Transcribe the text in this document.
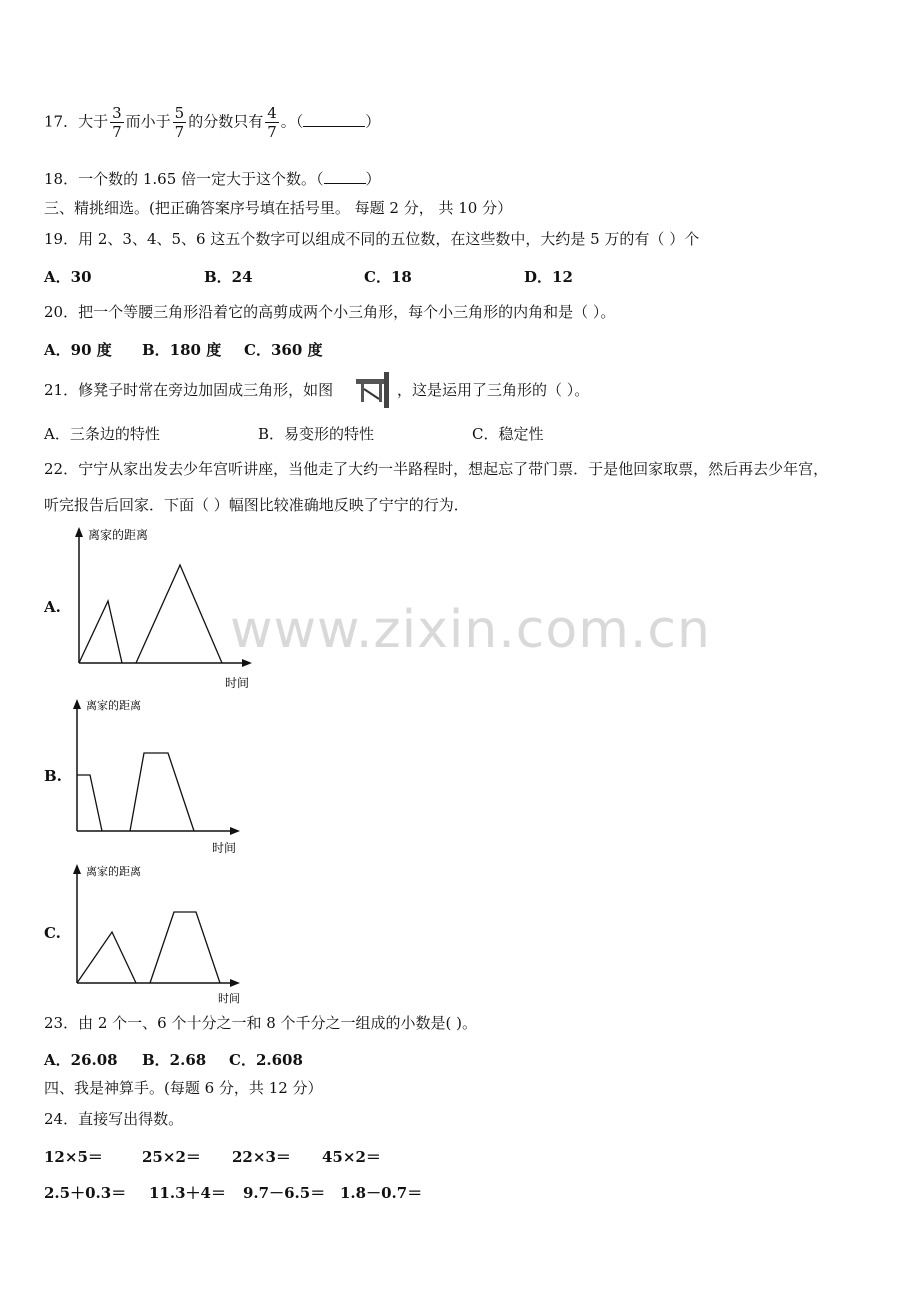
17．大于 $\frac{3}{7}$ 而小于 $\frac{5}{7}$ 的分数只有 $\frac{4}{7}$ 。（	）
18．一个数的 1.65 倍一定大于这个数。（	）
三、精挑细选。(把正确答案序号填在括号里。 每题 2 分， 共 10 分）
19．用 2、3、4、5、6 这五个数字可以组成不同的五位数，在这些数中，大约是 5 万的有（ ）个
A．30	B．24	C．18	D．12
20．把一个等腰三角形沿着它的高剪成两个小三角形，每个小三角形的内角和是（ ）。
A．90 度 B．180 度 C．360 度
21．修凳子时常在旁边加固成三角形，如图	，这是运用了三角形的（ ）。
A．三条边的特性	B．易变形的特性	C．稳定性
22．宁宁从家出发去少年宫听讲座，当他走了大约一半路程时，想起忘了带门票．于是他回家取票，然后再去少年宫，
听完报告后回家．下面（ ）幅图比较准确地反映了宁宁的行为．
A.
离家的距离
时间
B.
离家的距离
时间
C.
离家的距离
时间
www.zixin.com.cn
23．由 2 个一、6 个十分之一和 8 个千分之一组成的小数是( )。
A．26.08 B．2.68 C．2.608
四、我是神算手。(每题 6 分，共 12 分）
24．直接写出得数。
12×5＝	25×2＝ 22×3＝ 45×2＝
2.5＋0.3＝ 11.3＋4＝ 9.7－6.5＝ 1.8－0.7＝
